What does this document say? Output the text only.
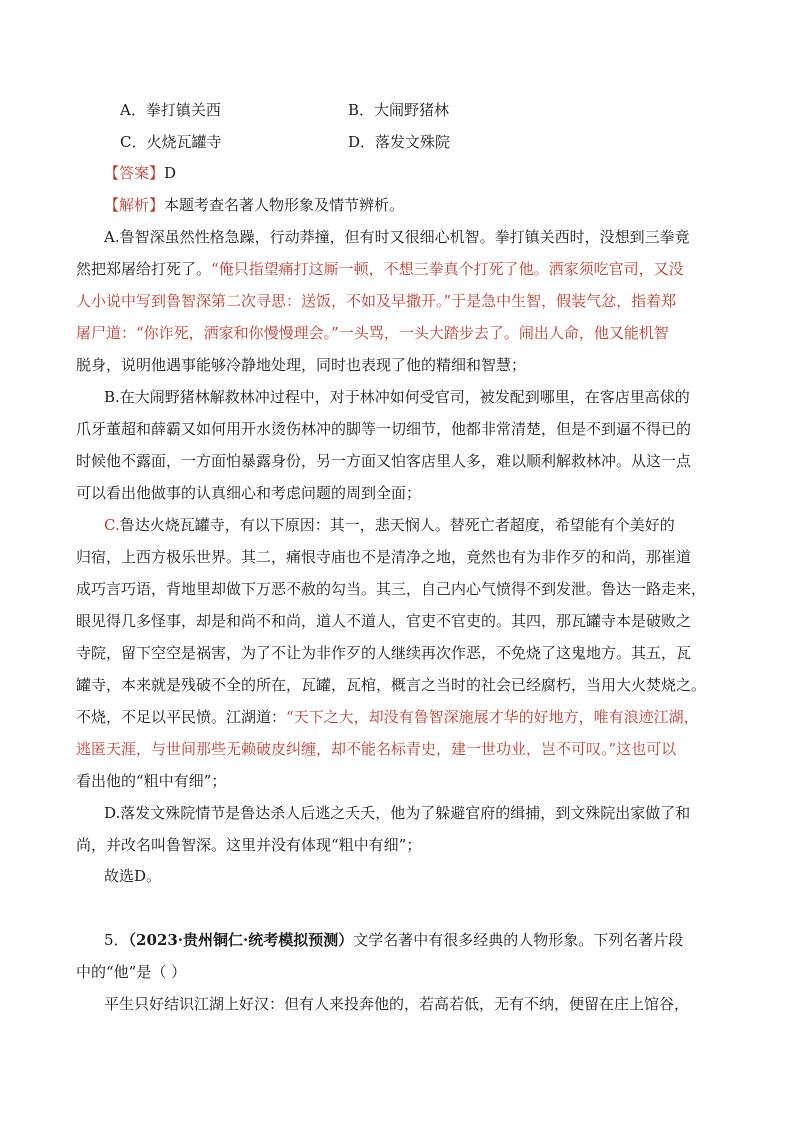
A．拳打镇关西	B．大闹野猪林
C．火烧瓦罐寺	D．落发文殊院
【答案】D
【解析】本题考查名著人物形象及情节辨析。
A.鲁智深虽然性格急躁，行动莽撞，但有时又很细心机智。拳打镇关西时，没想到三拳竟
然把郑屠给打死了。“俺只指望痛打这厮一顿，不想三拳真个打死了他。洒家须吃官司，又没
人小说中写到鲁智深第二次寻思：送饭，不如及早撒开。”于是急中生智，假装气忿，指着郑
屠尸道：“你诈死，洒家和你慢慢理会。”一头骂，一头大踏步去了。闹出人命，他又能机智
脱身，说明他遇事能够冷静地处理，同时也表现了他的精细和智慧；
B.在大闹野猪林解救林冲过程中，对于林冲如何受官司，被发配到哪里，在客店里高俅的
爪牙董超和薛霸又如何用开水烫伤林冲的脚等一切细节，他都非常清楚，但是不到逼不得已的
时候他不露面，一方面怕暴露身份，另一方面又怕客店里人多，难以顺利解救林冲。从这一点
可以看出他做事的认真细心和考虑问题的周到全面；
C.鲁达火烧瓦罐寺，有以下原因：其一，悲天悯人。替死亡者超度，希望能有个美好的
归宿，上西方极乐世界。其二，痛恨寺庙也不是清净之地，竟然也有为非作歹的和尚，那崔道
成巧言巧语，背地里却做下万恶不赦的勾当。其三，自己内心气愤得不到发泄。鲁达一路走来，
眼见得几多怪事，却是和尚不和尚，道人不道人，官吏不官吏的。其四，那瓦罐寺本是破败之
寺院，留下空空是祸害，为了不让为非作歹的人继续再次作恶，不免烧了这鬼地方。其五，瓦
罐寺，本来就是残破不全的所在，瓦罐，瓦棺，概言之当时的社会已经腐朽，当用大火焚烧之。
不烧，不足以平民愤。江湖道：“天下之大，却没有鲁智深施展才华的好地方，唯有浪迹江湖，
逃匿天涯，与世间那些无赖破皮纠缠，却不能名标青史，建一世功业，岂不可叹。”这也可以
看出他的“粗中有细”；
D.落发文殊院情节是鲁达杀人后逃之夭夭，他为了躲避官府的缉捕，到文殊院出家做了和
尚，并改名叫鲁智深。这里并没有体现“粗中有细”；
故选D。
5．（2023·贵州铜仁·统考模拟预测）文学名著中有很多经典的人物形象。下列名著片段
中的“他”是（ ）
平生只好结识江湖上好汉：但有人来投奔他的，若高若低，无有不纳，便留在庄上馆谷，
